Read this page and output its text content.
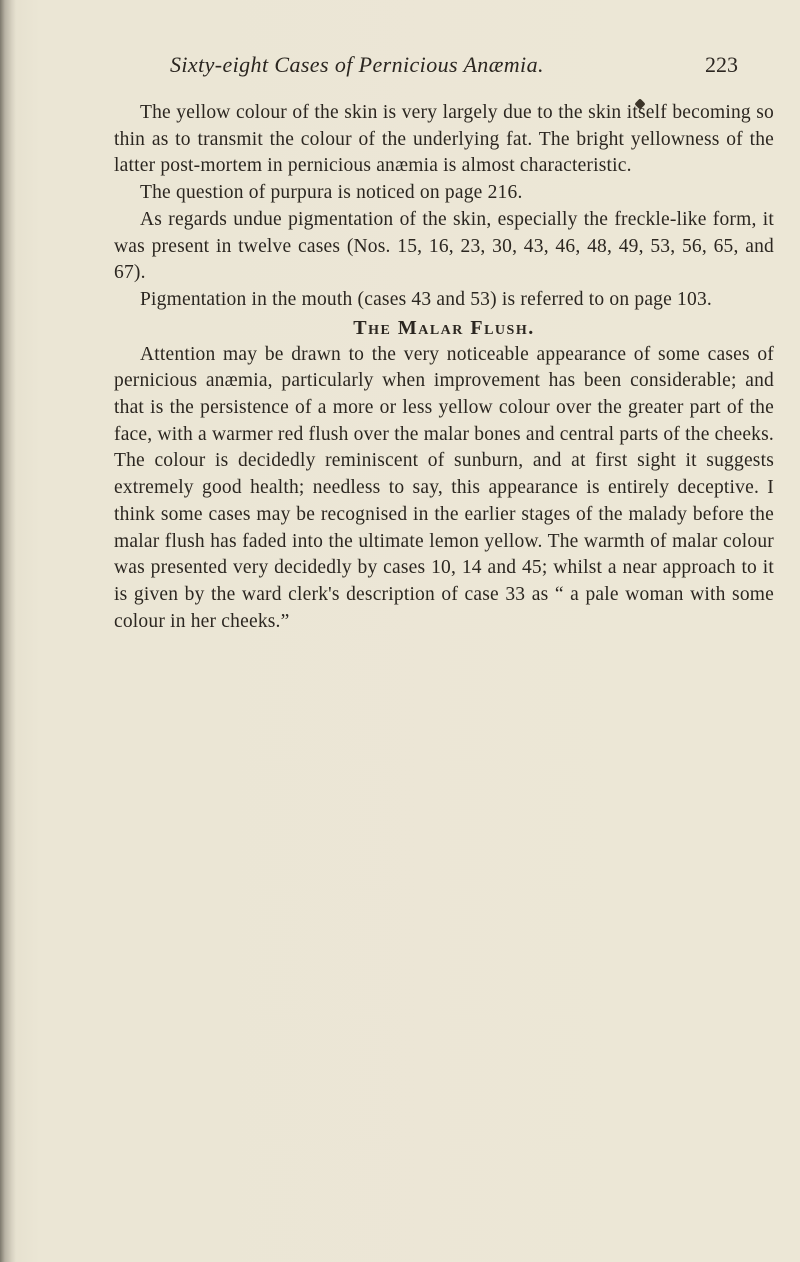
Sixty-eight Cases of Pernicious Anæmia.	223

The yellow colour of the skin is very largely due to the skin itself becoming so thin as to transmit the colour of the underlying fat. The bright yellowness of the latter post-mortem in pernicious anæmia is almost characteristic.

The question of purpura is noticed on page 216.

As regards undue pigmentation of the skin, especially the freckle-like form, it was present in twelve cases (Nos. 15, 16, 23, 30, 43, 46, 48, 49, 53, 56, 65, and 67).

Pigmentation in the mouth (cases 43 and 53) is referred to on page 103.

The Malar Flush.

Attention may be drawn to the very noticeable appearance of some cases of pernicious anæmia, particularly when improvement has been considerable; and that is the persistence of a more or less yellow colour over the greater part of the face, with a warmer red flush over the malar bones and central parts of the cheeks. The colour is decidedly reminiscent of sunburn, and at first sight it suggests extremely good health; needless to say, this appearance is entirely deceptive. I think some cases may be recognised in the earlier stages of the malady before the malar flush has faded into the ultimate lemon yellow. The warmth of malar colour was presented very decidedly by cases 10, 14 and 45; whilst a near approach to it is given by the ward clerk's description of case 33 as “ a pale woman with some colour in her cheeks.”
